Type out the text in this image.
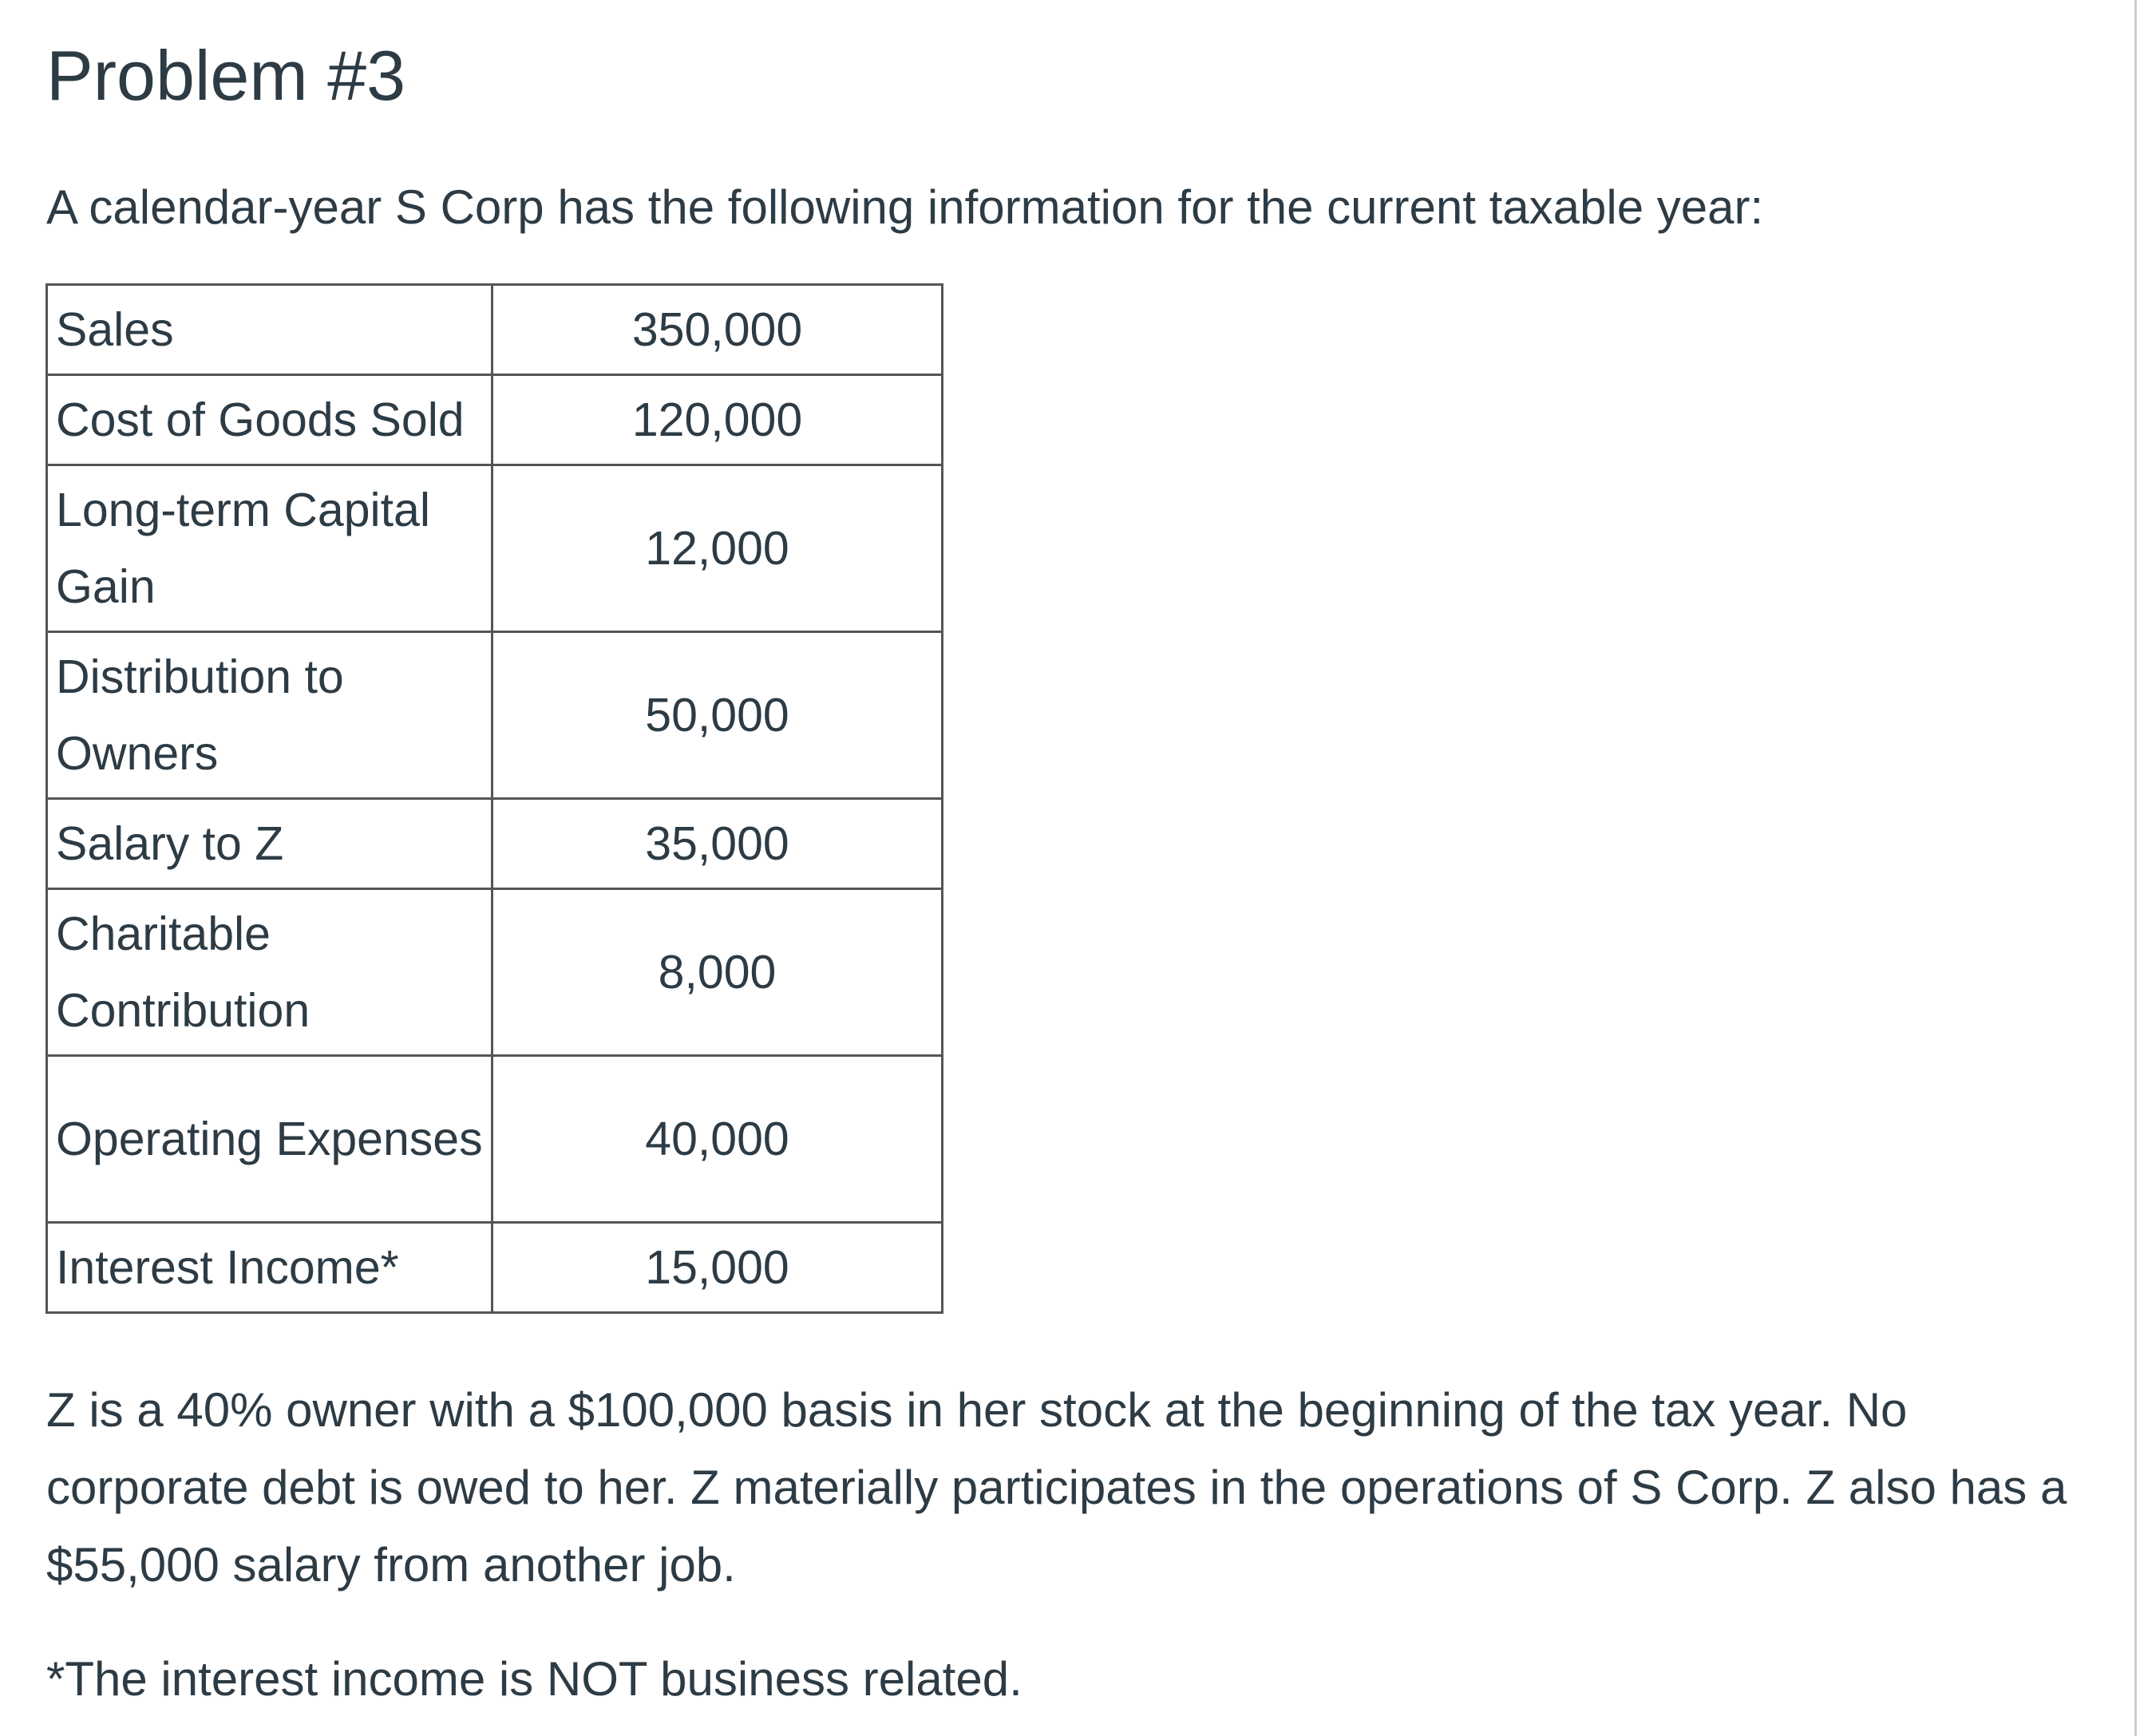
Problem #3

A calendar-year S Corp has the following information for the current taxable year:

Sales	350,000
Cost of Goods Sold	120,000
Long-term Capital Gain	12,000
Distribution to Owners	50,000
Salary to Z	35,000
Charitable Contribution	8,000
Operating Expenses	40,000
Interest Income*	15,000

Z is a 40% owner with a $100,000 basis in her stock at the beginning of the tax year. No corporate debt is owed to her. Z materially participates in the operations of S Corp. Z also has a $55,000 salary from another job.

*The interest income is NOT business related.
